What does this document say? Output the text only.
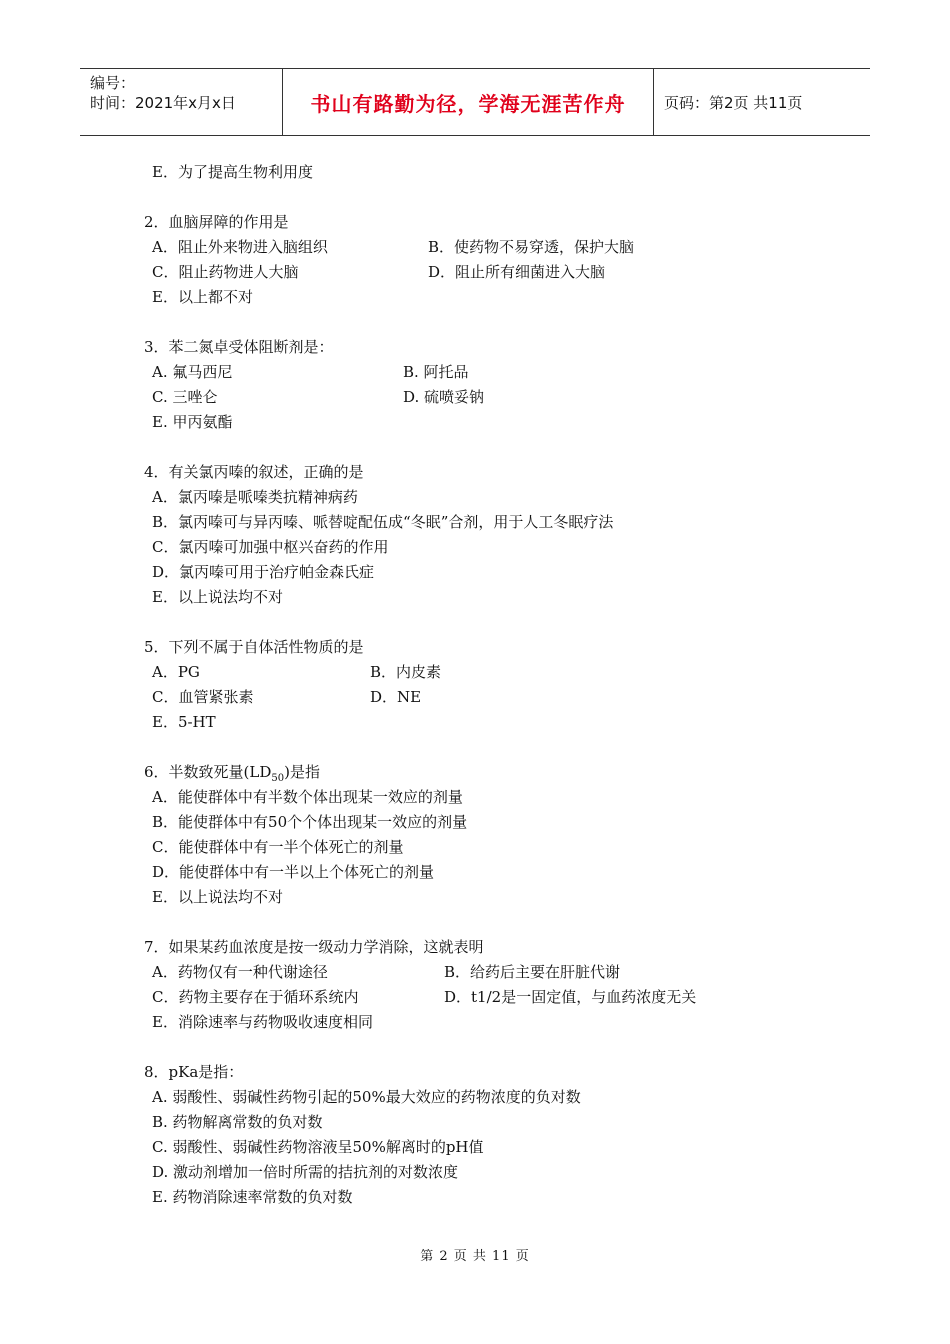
编号：
时间：2021年x月x日	书山有路勤为径，学海无涯苦作舟	页码：第2页 共11页
E．为了提高生物利用度
2．血脑屏障的作用是
A．阻止外来物进入脑组织	B．使药物不易穿透，保护大脑
C．阻止药物进人大脑	D．阻止所有细菌进入大脑
E．以上都不对
3．苯二氮卓受体阻断剂是：
A. 氟马西尼	B. 阿托品
C. 三唑仑	D. 硫喷妥钠
E. 甲丙氨酯
4．有关氯丙嗪的叙述，正确的是
A．氯丙嗪是哌嗪类抗精神病药
B．氯丙嗪可与异丙嗪、哌替啶配伍成“冬眠”合剂，用于人工冬眠疗法
C．氯丙嗪可加强中枢兴奋药的作用
D．氯丙嗪可用于治疗帕金森氏症
E．以上说法均不对
5．下列不属于自体活性物质的是
A．PG	B．内皮素
C．血管紧张素	D．NE
E．5-HT
6．半数致死量$(LD_{50})$是指
A．能使群体中有半数个体出现某一效应的剂量
B．能使群体中有50个个体出现某一效应的剂量
C．能使群体中有一半个体死亡的剂量
D．能使群体中有一半以上个体死亡的剂量
E．以上说法均不对
7．如果某药血浓度是按一级动力学消除，这就表明
A．药物仅有一种代谢途径	B．给药后主要在肝脏代谢
C．药物主要存在于循环系统内	D．t1/2是一固定值，与血药浓度无关
E．消除速率与药物吸收速度相同
8．pKa是指：
A. 弱酸性、弱碱性药物引起的50%最大效应的药物浓度的负对数
B. 药物解离常数的负对数
C. 弱酸性、弱碱性药物溶液呈50%解离时的pH值
D. 激动剂增加一倍时所需的拮抗剂的对数浓度
E. 药物消除速率常数的负对数
第 2 页 共 11 页
